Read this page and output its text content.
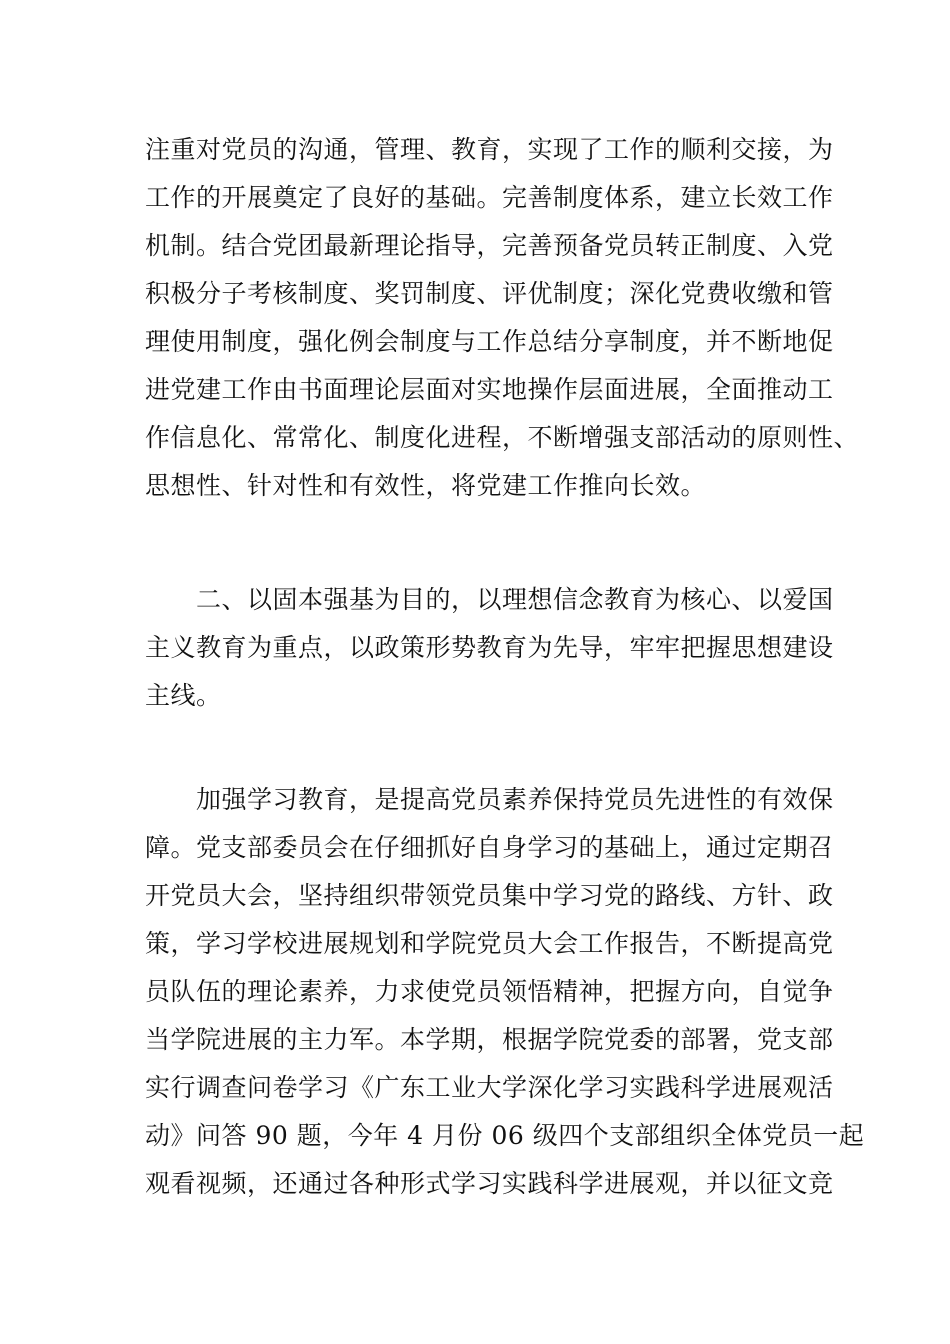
注重对党员的沟通，管理、教育，实现了工作的顺利交接，为
工作的开展奠定了良好的基础。完善制度体系，建立长效工作
机制。结合党团最新理论指导，完善预备党员转正制度、入党
积极分子考核制度、奖罚制度、评优制度；深化党费收缴和管
理使用制度，强化例会制度与工作总结分享制度，并不断地促
进党建工作由书面理论层面对实地操作层面进展，全面推动工
作信息化、常常化、制度化进程，不断增强支部活动的原则性、
思想性、针对性和有效性，将党建工作推向长效。
　　二、以固本强基为目的，以理想信念教育为核心、以爱国
主义教育为重点，以政策形势教育为先导，牢牢把握思想建设
主线。
　　加强学习教育，是提高党员素养保持党员先进性的有效保
障。党支部委员会在仔细抓好自身学习的基础上，通过定期召
开党员大会，坚持组织带领党员集中学习党的路线、方针、政
策，学习学校进展规划和学院党员大会工作报告，不断提高党
员队伍的理论素养，力求使党员领悟精神，把握方向，自觉争
当学院进展的主力军。本学期，根据学院党委的部署，党支部
实行调查问卷学习《广东工业大学深化学习实践科学进展观活
动》问答 90 题，今年 4 月份 06 级四个支部组织全体党员一起
观看视频，还通过各种形式学习实践科学进展观，并以征文竞
